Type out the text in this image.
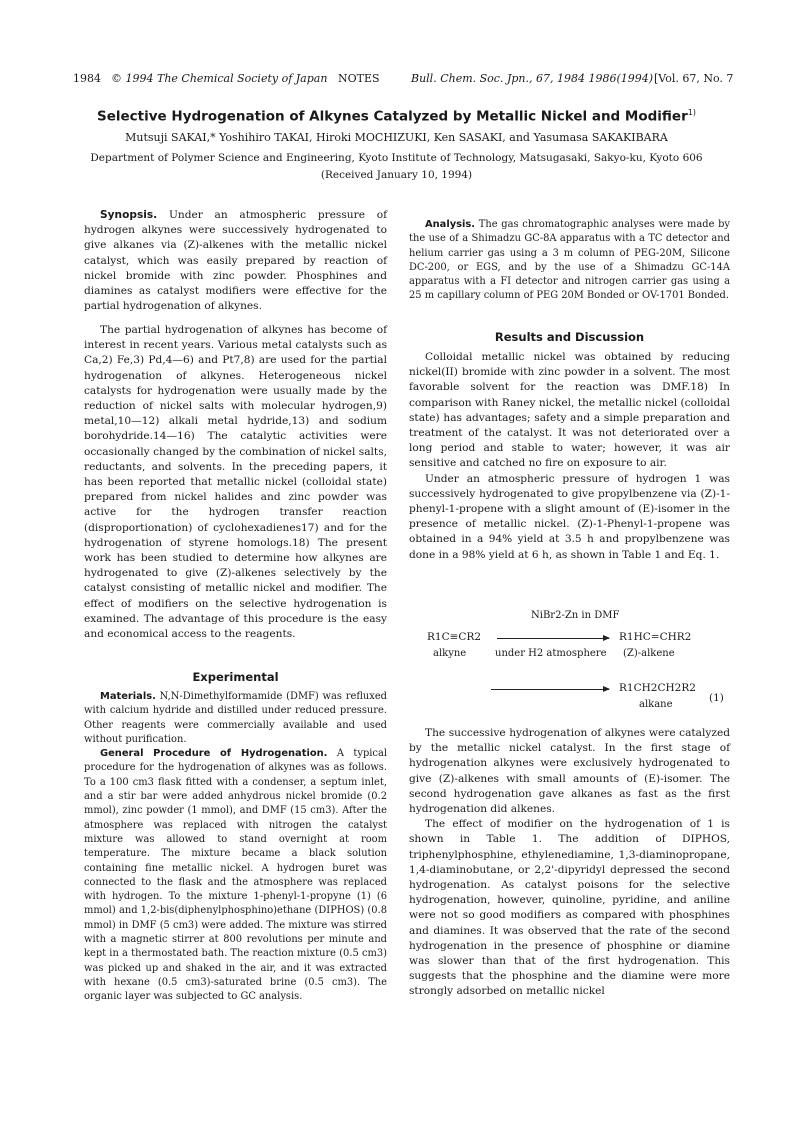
1984 © 1994 The Chemical Society of Japan NOTES	Bull. Chem. Soc. Jpn., 67, 1984 1986(1994) [Vol. 67, No. 7
Selective Hydrogenation of Alkynes Catalyzed by Metallic Nickel and Modifier$^{1)}$
Mutsuji SAKAI,* Yoshihiro TAKAI, Hiroki MOCHIZUKI, Ken SASAKI, and Yasumasa SAKAKIBARA
Department of Polymer Science and Engineering, Kyoto Institute of Technology, Matsugasaki, Sakyo-ku, Kyoto 606
(Received January 10, 1994)

Synopsis. Under an atmospheric pressure of hydrogen alkynes were successively hydrogenated to give alkanes via (Z)-alkenes with the metallic nickel catalyst, which was easily prepared by reaction of nickel bromide with zinc powder. Phosphines and diamines as catalyst modifiers were effective for the partial hydrogenation of alkynes.

The partial hydrogenation of alkynes has become of interest in recent years. Various metal catalysts such as Ca,2) Fe,3) Pd,4—6) and Pt7,8) are used for the partial hydrogenation of alkynes. Heterogeneous nickel catalysts for hydrogenation were usually made by the reduction of nickel salts with molecular hydrogen,9) metal,10—12) alkali metal hydride,13) and sodium borohydride.14—16) The catalytic activities were occasionally changed by the combination of nickel salts, reductants, and solvents. In the preceding papers, it has been reported that metallic nickel (colloidal state) prepared from nickel halides and zinc powder was active for the hydrogen transfer reaction (disproportionation) of cyclohexadienes17) and for the hydrogenation of styrene homologs.18) The present work has been studied to determine how alkynes are hydrogenated to give (Z)-alkenes selectively by the catalyst consisting of metallic nickel and modifier. The effect of modifiers on the selective hydrogenation is examined. The advantage of this procedure is the easy and economical access to the reagents.

Experimental

Materials. N,N-Dimethylformamide (DMF) was refluxed with calcium hydride and distilled under reduced pressure. Other reagents were commercially available and used without purification.

General Procedure of Hydrogenation. A typical procedure for the hydrogenation of alkynes was as follows. To a 100 cm3 flask fitted with a condenser, a septum inlet, and a stir bar were added anhydrous nickel bromide (0.2 mmol), zinc powder (1 mmol), and DMF (15 cm3). After the atmosphere was replaced with nitrogen the catalyst mixture was allowed to stand overnight at room temperature. The mixture became a black solution containing fine metallic nickel. A hydrogen buret was connected to the flask and the atmosphere was replaced with hydrogen. To the mixture 1-phenyl-1-propyne (1) (6 mmol) and 1,2-bis(diphenylphosphino)ethane (DIPHOS) (0.8 mmol) in DMF (5 cm3) were added. The mixture was stirred with a magnetic stirrer at 800 revolutions per minute and kept in a thermostated bath. The reaction mixture (0.5 cm3) was picked up and shaked in the air, and it was extracted with hexane (0.5 cm3)-saturated brine (0.5 cm3). The organic layer was subjected to GC analysis.

Analysis. The gas chromatographic analyses were made by the use of a Shimadzu GC-8A apparatus with a TC detector and helium carrier gas using a 3 m column of PEG-20M, Silicone DC-200, or EGS, and by the use of a Shimadzu GC-14A apparatus with a FI detector and nitrogen carrier gas using a 25 m capillary column of PEG 20M Bonded or OV-1701 Bonded.

Results and Discussion

Colloidal metallic nickel was obtained by reducing nickel(II) bromide with zinc powder in a solvent. The most favorable solvent for the reaction was DMF.18) In comparison with Raney nickel, the metallic nickel (colloidal state) has advantages; safety and a simple preparation and treatment of the catalyst. It was not deteriorated over a long period and stable to water; however, it was air sensitive and catched no fire on exposure to air.

Under an atmospheric pressure of hydrogen 1 was successively hydrogenated to give propylbenzene via (Z)-1-phenyl-1-propene with a slight amount of (E)-isomer in the presence of metallic nickel. (Z)-1-Phenyl-1-propene was obtained in a 94% yield at 3.5 h and propylbenzene was done in a 98% yield at 6 h, as shown in Table 1 and Eq. 1.

NiBr2-Zn in DMF
R1C≡CR2	R1HC=CHR2
alkyne	under H2 atmosphere (Z)-alkene
R1CH2CH2R2
alkane
(1)

The successive hydrogenation of alkynes were catalyzed by the metallic nickel catalyst. In the first stage of hydrogenation alkynes were exclusively hydrogenated to give (Z)-alkenes with small amounts of (E)-isomer. The second hydrogenation gave alkanes as fast as the first hydrogenation did alkenes.

The effect of modifier on the hydrogenation of 1 is shown in Table 1. The addition of DIPHOS, triphenylphosphine, ethylenediamine, 1,3-diaminopropane, 1,4-diaminobutane, or 2,2'-dipyridyl depressed the second hydrogenation. As catalyst poisons for the selective hydrogenation, however, quinoline, pyridine, and aniline were not so good modifiers as compared with phosphines and diamines. It was observed that the rate of the second hydrogenation in the presence of phosphine or diamine was slower than that of the first hydrogenation. This suggests that the phosphine and the diamine were more strongly adsorbed on metallic nickel
